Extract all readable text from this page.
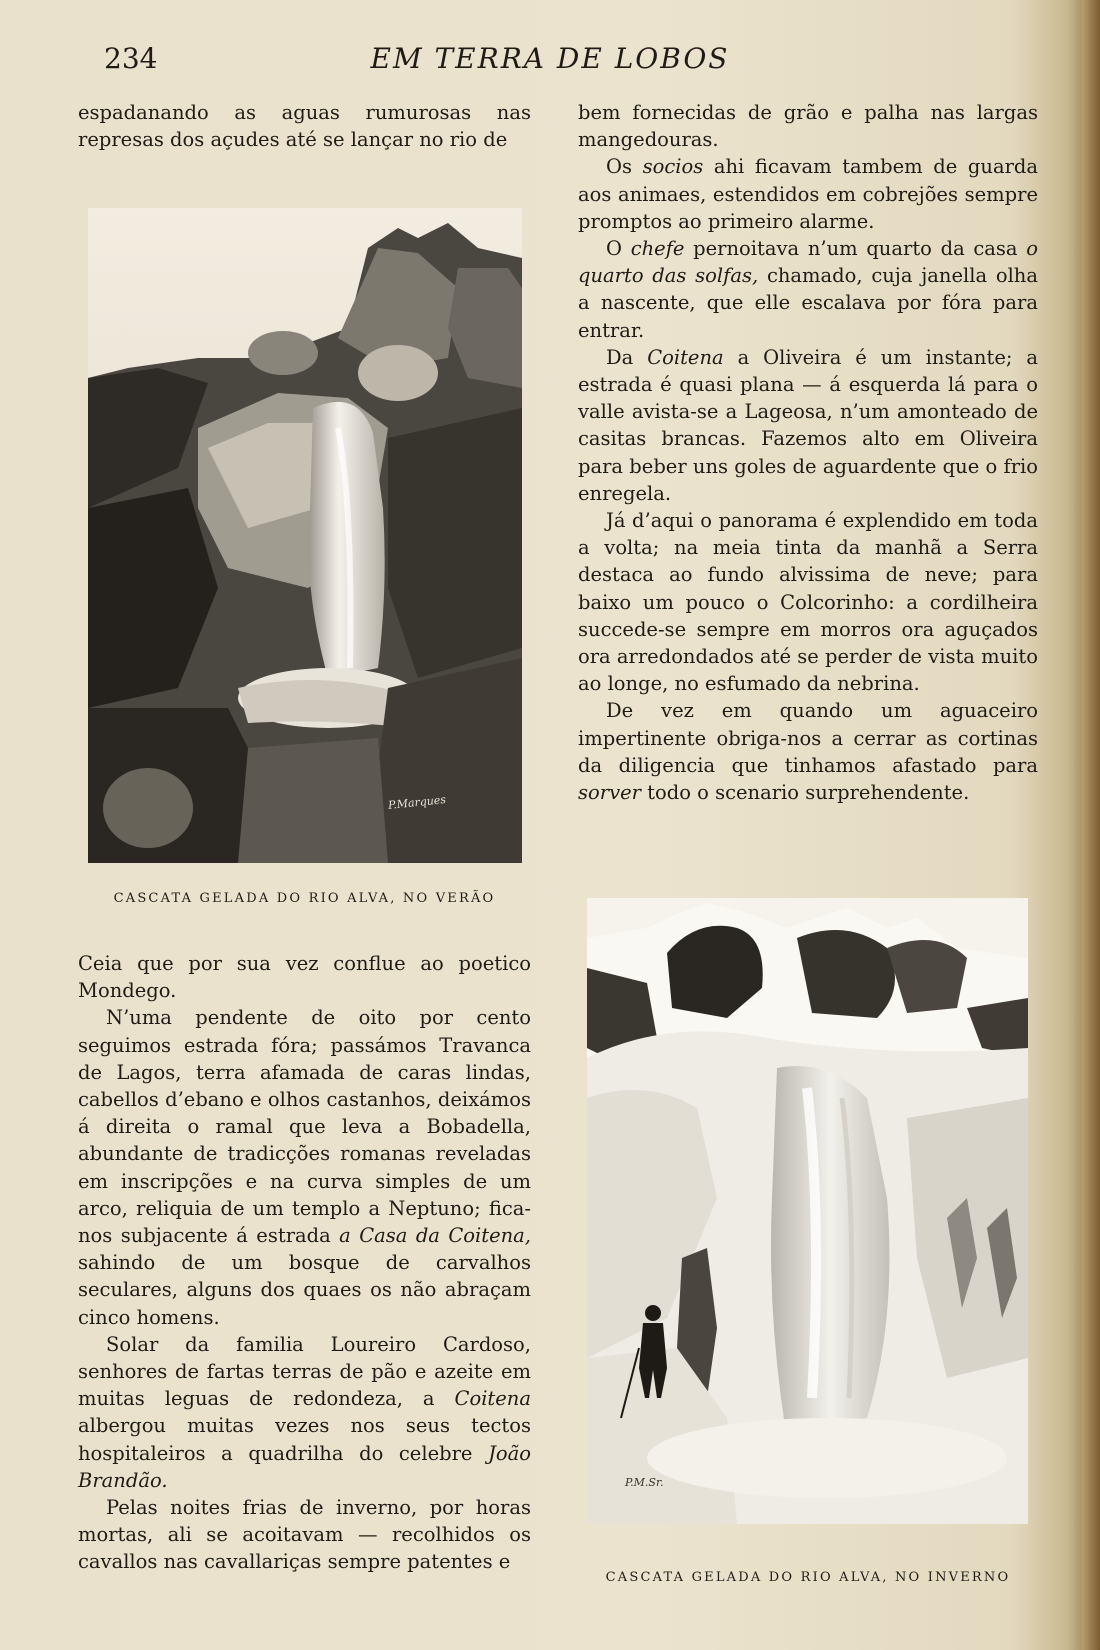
234	EM TERRA DE LOBOS

espadanando as aguas rumurosas nas represas dos açudes até se lançar no rio de

P.Marques
CASCATA GELADA DO RIO ALVA, NO VERÃO

Ceia que por sua vez conflue ao poetico Mondego.

N’uma pendente de oito por cento seguimos estrada fóra; passámos Travanca de Lagos, terra afamada de caras lindas, cabellos d’ebano e olhos castanhos, deixámos á direita o ramal que leva a Bobadella, abundante de tradicções romanas reveladas em inscripções e na curva simples de um arco, reliquia de um templo a Neptuno; fica-nos subjacente á estrada a Casa da Coitena, sahindo de um bosque de carvalhos seculares, alguns dos quaes os não abraçam cinco homens.

Solar da familia Loureiro Cardoso, senhores de fartas terras de pão e azeite em muitas leguas de redondeza, a Coitena albergou muitas vezes nos seus tectos hospitaleiros a quadrilha do celebre João Brandão.

Pelas noites frias de inverno, por horas mortas, ali se acoitavam — recolhidos os cavallos nas cavallariças sempre patentes e

bem fornecidas de grão e palha nas largas mangedouras.

Os socios ahi ficavam tambem de guarda aos animaes, estendidos em cobrejões sempre promptos ao primeiro alarme.

O chefe pernoitava n’um quarto da casa o quarto das solfas, chamado, cuja janella olha a nascente, que elle escalava por fóra para entrar.

Da Coitena a Oliveira é um instante; a estrada é quasi plana — á esquerda lá para o valle avista-se a Lageosa, n’um amonteado de casitas brancas. Fazemos alto em Oliveira para beber uns goles de aguardente que o frio enregela.

Já d’aqui o panorama é explendido em toda a volta; na meia tinta da manhã a Serra destaca ao fundo alvissima de neve; para baixo um pouco o Colcorinho: a cordilheira succede-se sempre em morros ora aguçados ora arredondados até se perder de vista muito ao longe, no esfumado da nebrina.

De vez em quando um aguaceiro impertinente obriga-nos a cerrar as cortinas da diligencia que tinhamos afastado para sorver todo o scenario surprehendente.

P.M.Sr.
CASCATA GELADA DO RIO ALVA, NO INVERNO
